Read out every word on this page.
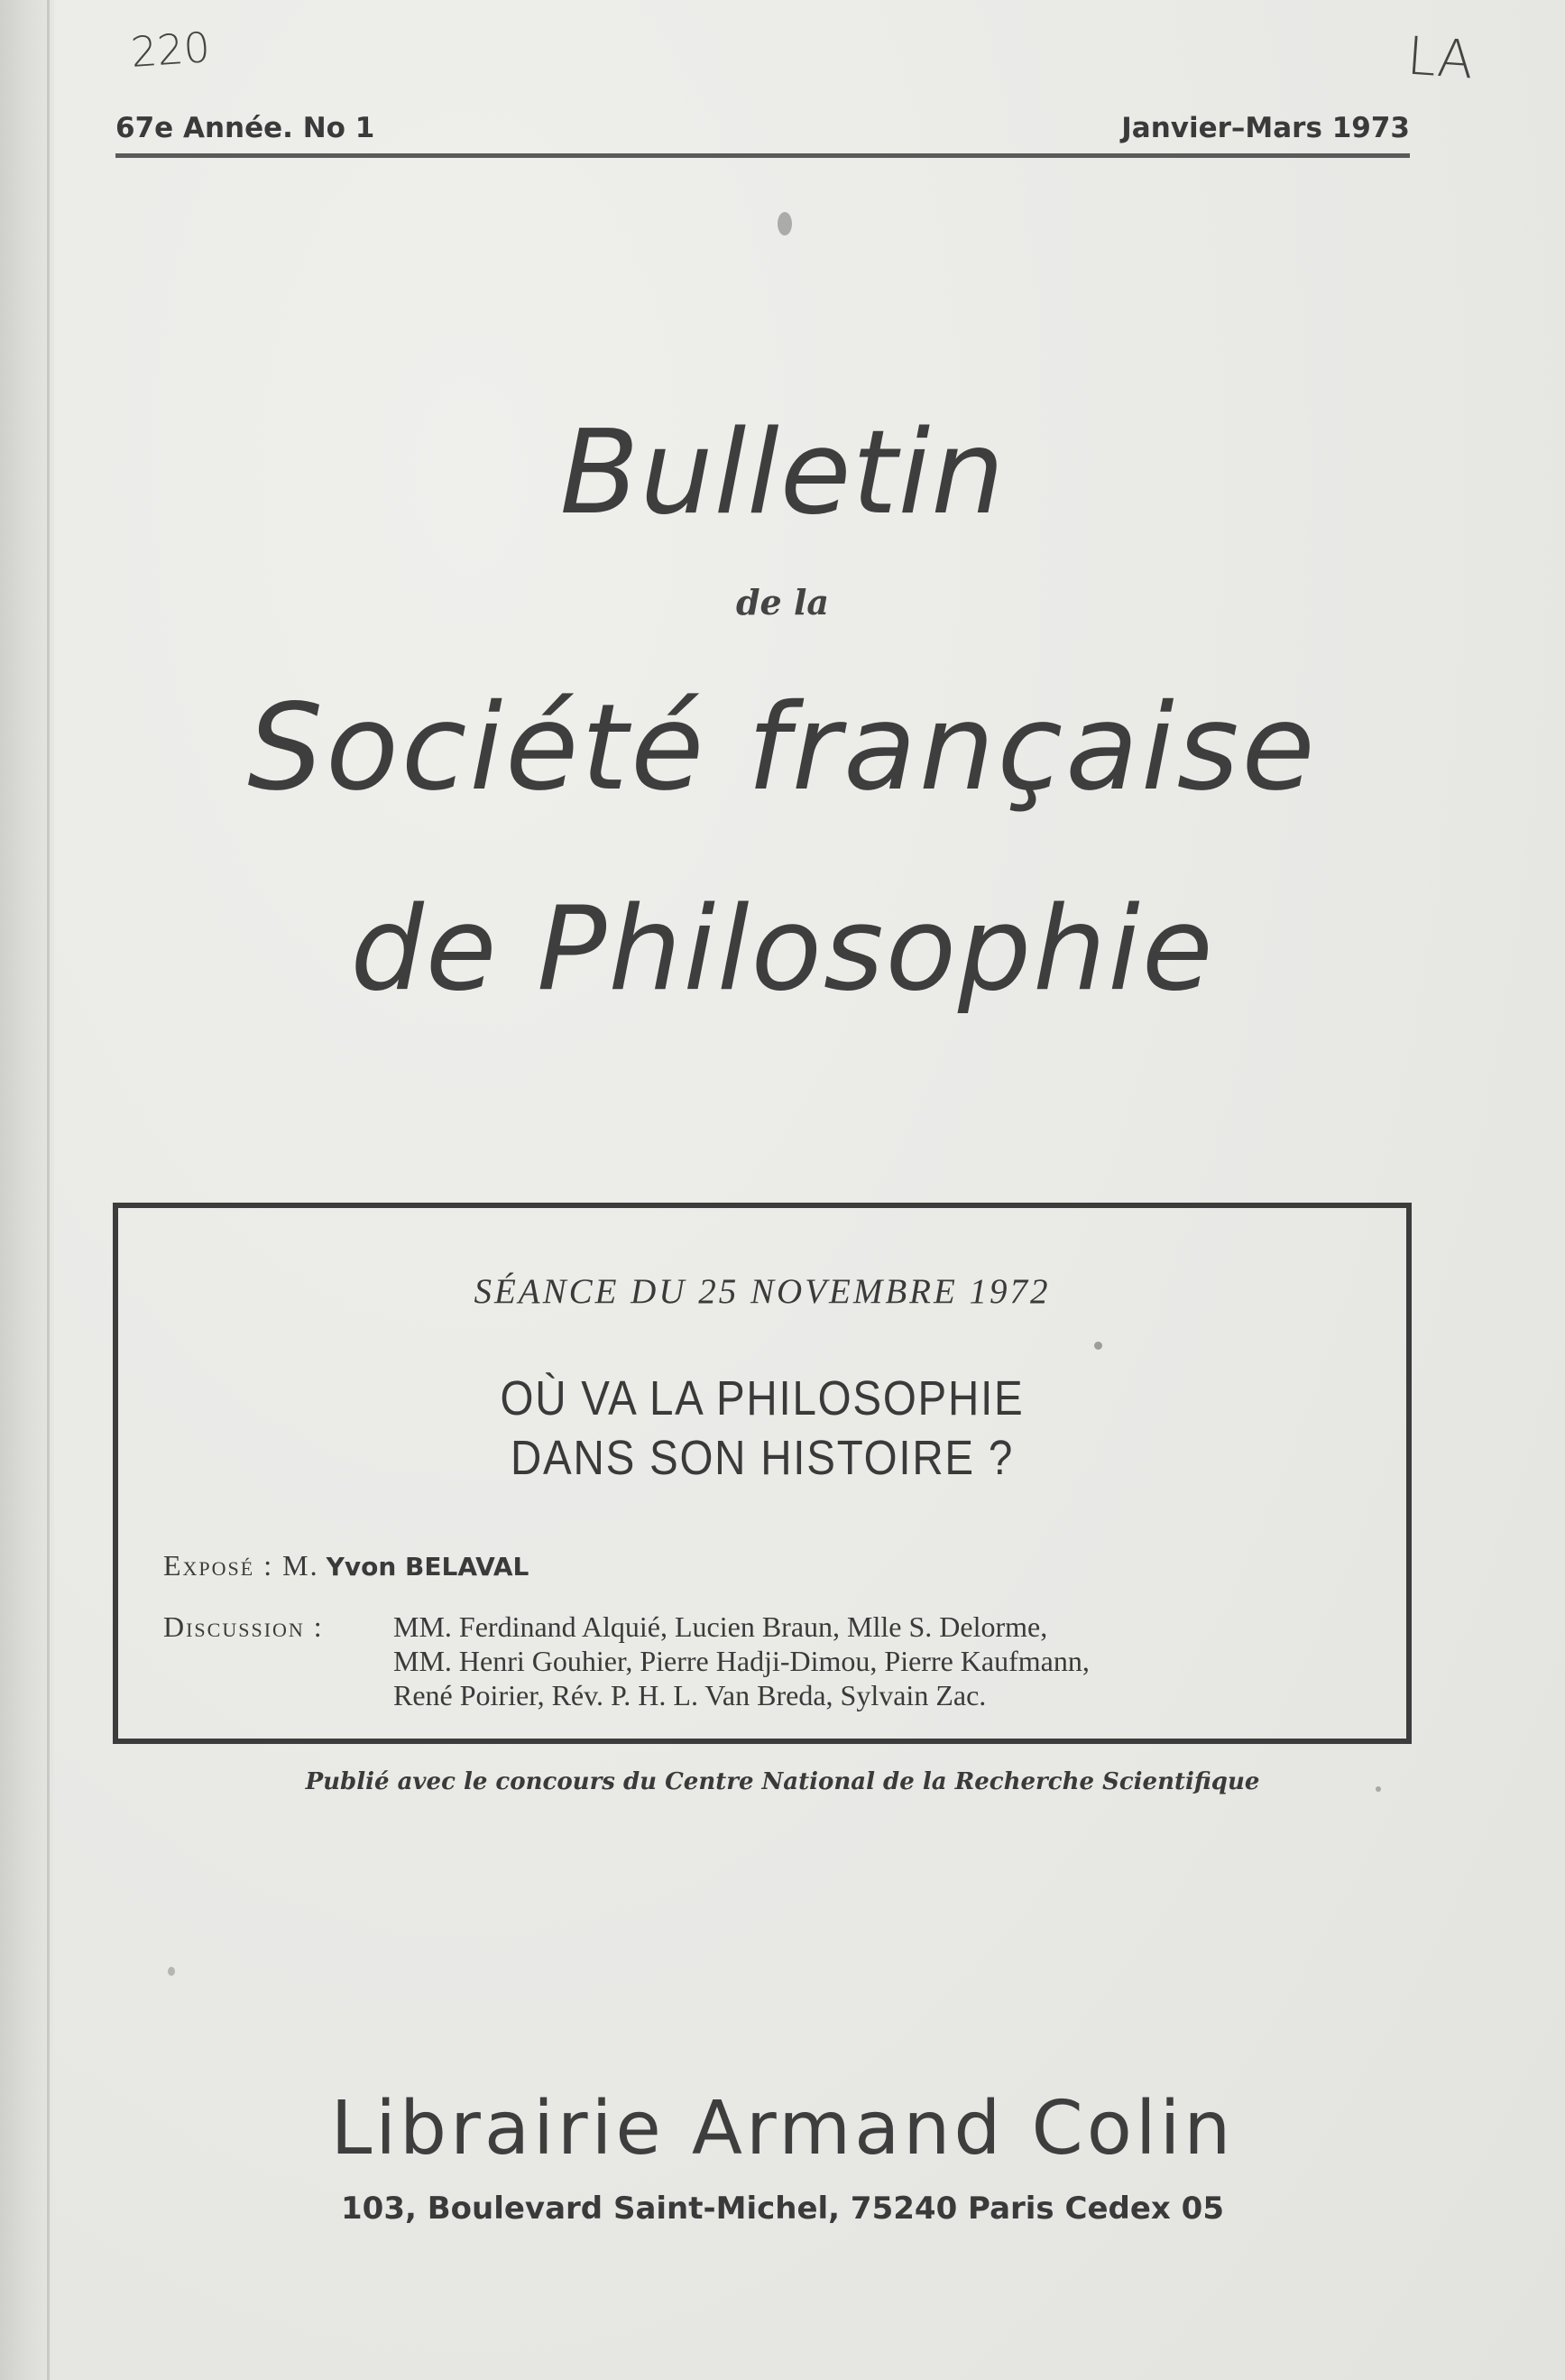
220	LA
67e Année. No 1	Janvier–Mars 1973
Bulletin
de la
Société française
de Philosophie
SÉANCE DU 25 NOVEMBRE 1972
OÙ VA LA PHILOSOPHIE
DANS SON HISTOIRE ?
Exposé : M. Yvon BELAVAL
Discussion :	MM. Ferdinand Alquié, Lucien Braun, Mlle S. Delorme,
MM. Henri Gouhier, Pierre Hadji-Dimou, Pierre Kaufmann,
René Poirier, Rév. P. H. L. Van Breda, Sylvain Zac.
Publié avec le concours du Centre National de la Recherche Scientifique
Librairie Armand Colin
103, Boulevard Saint-Michel, 75240 Paris Cedex 05
